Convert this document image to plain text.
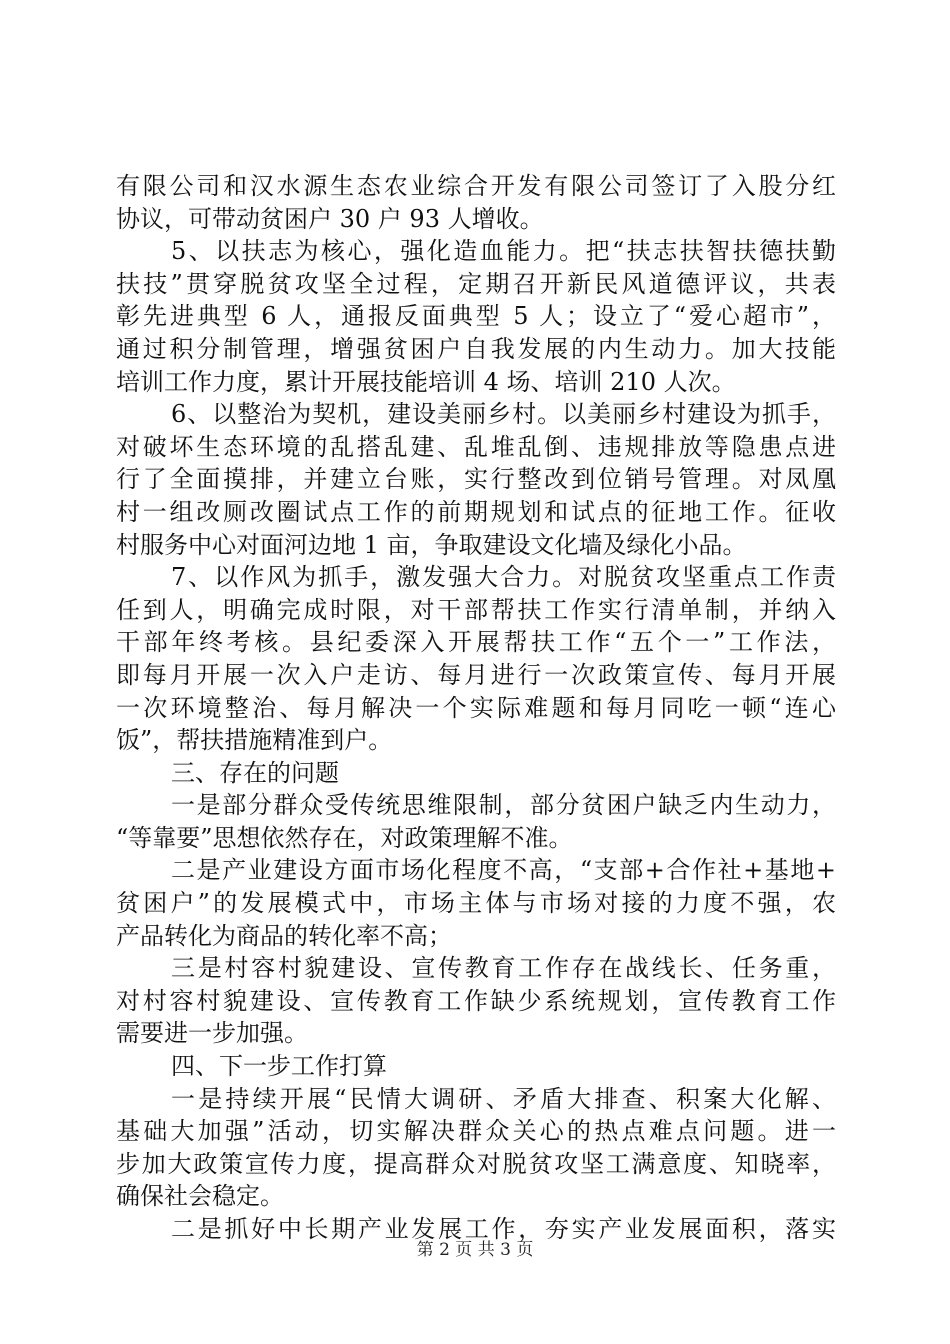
有限公司和汉水源生态农业综合开发有限公司签订了入股分红
协议，可带动贫困户 30 户 93 人增收。
5、以扶志为核心，强化造血能力。把“扶志扶智扶德扶勤
扶技”贯穿脱贫攻坚全过程，定期召开新民风道德评议，共表
彰先进典型 6 人，通报反面典型 5 人；设立了“爱心超市”，
通过积分制管理，增强贫困户自我发展的内生动力。加大技能
培训工作力度，累计开展技能培训 4 场、培训 210 人次。
6、以整治为契机，建设美丽乡村。以美丽乡村建设为抓手，
对破坏生态环境的乱搭乱建、乱堆乱倒、违规排放等隐患点进
行了全面摸排，并建立台账，实行整改到位销号管理。对凤凰
村一组改厕改圈试点工作的前期规划和试点的征地工作。征收
村服务中心对面河边地 1 亩，争取建设文化墙及绿化小品。
7、以作风为抓手，激发强大合力。对脱贫攻坚重点工作责
任到人，明确完成时限，对干部帮扶工作实行清单制，并纳入
干部年终考核。县纪委深入开展帮扶工作“五个一”工作法，
即每月开展一次入户走访、每月进行一次政策宣传、每月开展
一次环境整治、每月解决一个实际难题和每月同吃一顿“连心
饭”，帮扶措施精准到户。
三、存在的问题
一是部分群众受传统思维限制，部分贫困户缺乏内生动力，
“等靠要”思想依然存在，对政策理解不准。
二是产业建设方面市场化程度不高，“支部+合作社+基地+
贫困户”的发展模式中，市场主体与市场对接的力度不强，农
产品转化为商品的转化率不高；
三是村容村貌建设、宣传教育工作存在战线长、任务重，
对村容村貌建设、宣传教育工作缺少系统规划，宣传教育工作
需要进一步加强。
四、下一步工作打算
一是持续开展“民情大调研、矛盾大排查、积案大化解、
基础大加强”活动，切实解决群众关心的热点难点问题。进一
步加大政策宣传力度，提高群众对脱贫攻坚工满意度、知晓率，
确保社会稳定。
二是抓好中长期产业发展工作，夯实产业发展面积，落实
第 2 页 共 3 页
